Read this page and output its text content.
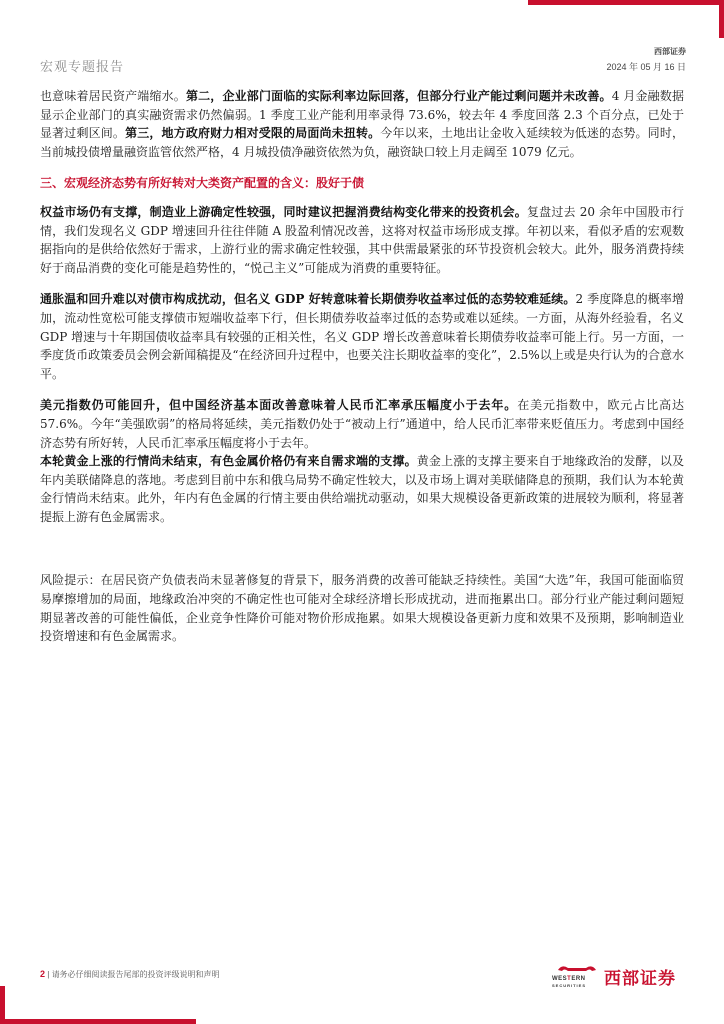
宏观专题报告
西部证券
2024 年 05 月 16 日

也意味着居民资产端缩水。第二，企业部门面临的实际利率边际回落，但部分行业产能过剩问题并未改善。4 月金融数据显示企业部门的真实融资需求仍然偏弱。1 季度工业产能利用率录得 73.6%，较去年 4 季度回落 2.3 个百分点，已处于显著过剩区间。第三，地方政府财力相对受限的局面尚未扭转。今年以来，土地出让金收入延续较为低迷的态势。同时，当前城投债增量融资监管依然严格，4 月城投债净融资依然为负，融资缺口较上月走阔至 1079 亿元。

三、宏观经济态势有所好转对大类资产配置的含义：股好于债

权益市场仍有支撑，制造业上游确定性较强，同时建议把握消费结构变化带来的投资机会。复盘过去 20 余年中国股市行情，我们发现名义 GDP 增速回升往往伴随 A 股盈利情况改善，这将对权益市场形成支撑。年初以来，看似矛盾的宏观数据指向的是供给依然好于需求，上游行业的需求确定性较强，其中供需最紧张的环节投资机会较大。此外，服务消费持续好于商品消费的变化可能是趋势性的，“悦己主义”可能成为消费的重要特征。

通胀温和回升难以对债市构成扰动，但名义 GDP 好转意味着长期债券收益率过低的态势较难延续。2 季度降息的概率增加，流动性宽松可能支撑债市短端收益率下行，但长期债券收益率过低的态势或难以延续。一方面，从海外经验看，名义 GDP 增速与十年期国债收益率具有较强的正相关性，名义 GDP 增长改善意味着长期债券收益率可能上行。另一方面，一季度货币政策委员会例会新闻稿提及“在经济回升过程中，也要关注长期收益率的变化”，2.5%以上或是央行认为的合意水平。

美元指数仍可能回升，但中国经济基本面改善意味着人民币汇率承压幅度小于去年。在美元指数中，欧元占比高达 57.6%。今年“美强欧弱”的格局将延续，美元指数仍处于“被动上行”通道中，给人民币汇率带来贬值压力。考虑到中国经济态势有所好转，人民币汇率承压幅度将小于去年。

本轮黄金上涨的行情尚未结束，有色金属价格仍有来自需求端的支撑。黄金上涨的支撑主要来自于地缘政治的发酵，以及年内美联储降息的落地。考虑到目前中东和俄乌局势不确定性较大，以及市场上调对美联储降息的预期，我们认为本轮黄金行情尚未结束。此外，年内有色金属的行情主要由供给端扰动驱动，如果大规模设备更新政策的进展较为顺利，将显著提振上游有色金属需求。

风险提示：在居民资产负债表尚未显著修复的背景下，服务消费的改善可能缺乏持续性。美国“大选”年，我国可能面临贸易摩擦增加的局面，地缘政治冲突的不确定性也可能对全球经济增长形成扰动，进而拖累出口。部分行业产能过剩问题短期显著改善的可能性偏低，企业竞争性降价可能对物价形成拖累。如果大规模设备更新力度和效果不及预期，影响制造业投资增速和有色金属需求。

2 | 请务必仔细阅读报告尾部的投资评级说明和声明	WESTERN
SECURITIES 西部证券
